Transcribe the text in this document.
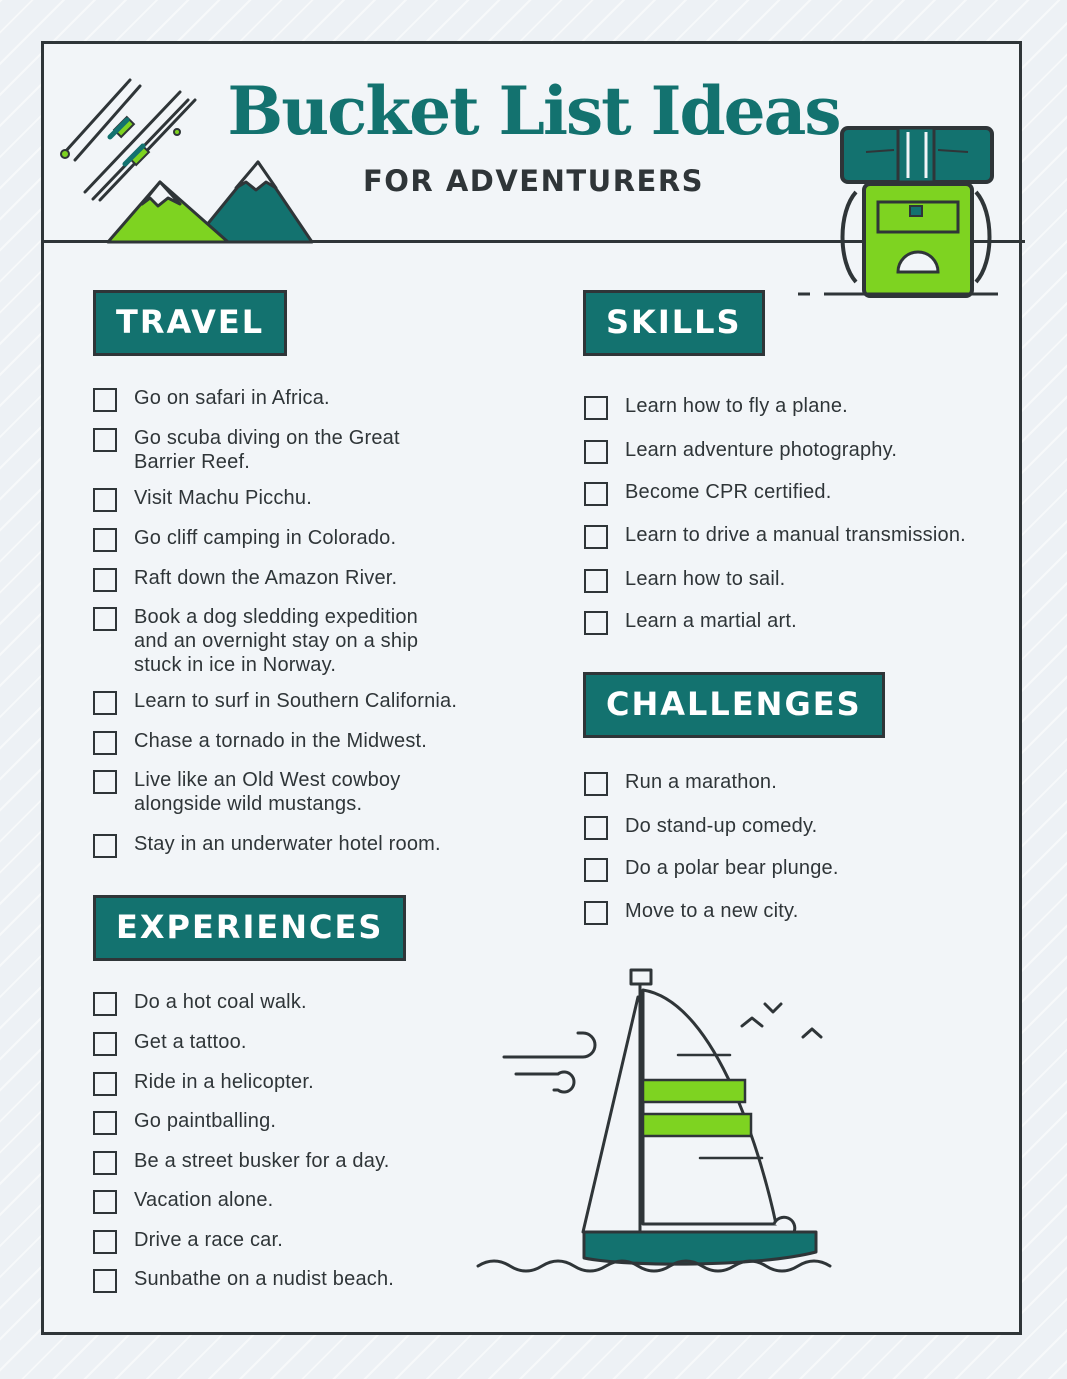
Bucket List Ideas
FOR ADVENTURERS
TRAVEL	SKILLS
CHALLENGES
EXPERIENCES
Go on safari in Africa.
Go scuba diving on the Great
Barrier Reef.
Visit Machu Picchu.
Go cliff camping in Colorado.
Raft down the Amazon River.
Book a dog sledding expedition
and an overnight stay on a ship
stuck in ice in Norway.
Learn to surf in Southern California.
Chase a tornado in the Midwest.
Live like an Old West cowboy
alongside wild mustangs.
Stay in an underwater hotel room.
Do a hot coal walk.
Get a tattoo.
Ride in a helicopter.
Go paintballing.
Be a street busker for a day.
Vacation alone.
Drive a race car.
Sunbathe on a nudist beach.
Learn how to fly a plane.
Learn adventure photography.
Become CPR certified.
Learn to drive a manual transmission.
Learn how to sail.
Learn a martial art.
Run a marathon.
Do stand-up comedy.
Do a polar bear plunge.
Move to a new city.
